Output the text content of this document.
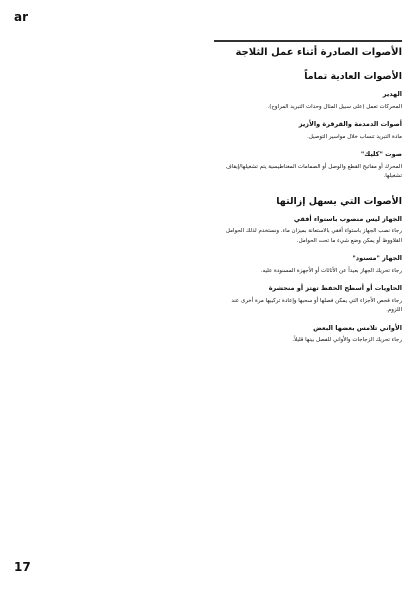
ar
الأصوات الصادرة أثناء عمل الثلاجة
الأصوات العادية تماماً
الهدير
المحركات تعمل (على سبيل المثال وحدات التبريد المراوح).
أصوات الدمدمة والقرقرة والأزيز
مادة التبريد تنساب خلال مواسير التوصيل.
صوت "كليك"
المحرك أو مفاتيح القطع والوصل أو الصمامات المغناطيسية يتم تشغيلها/إيقاف تشغيلها.
الأصوات التي يسهل إزالتها
الجهاز ليس منصوب باستواء أفقي
رجاء نصب الجهاز باستواء أفقي بالاستعانة بميزان ماء. ونستخدم لذلك الحوامل القلاووظ أو يمكن وضع شيء ما تحت الحوامل.
الجهاز "مسنود"
رجاء تحريك الجهاز بعيداً عن الأثاثات أو الأجهزة المسنودة عليه.
الحاويات أو أسطح الحفظ تهتز أو منحشرة
رجاء فحص الأجزاء التي يمكن فصلها أو سحبها وإعادة تركيبها مرة أخرى عند اللزوم.
الأواني تلامس بعضها البعض
رجاء تحريك الزجاجات والأواني للفصل بينها قليلاً.
17
